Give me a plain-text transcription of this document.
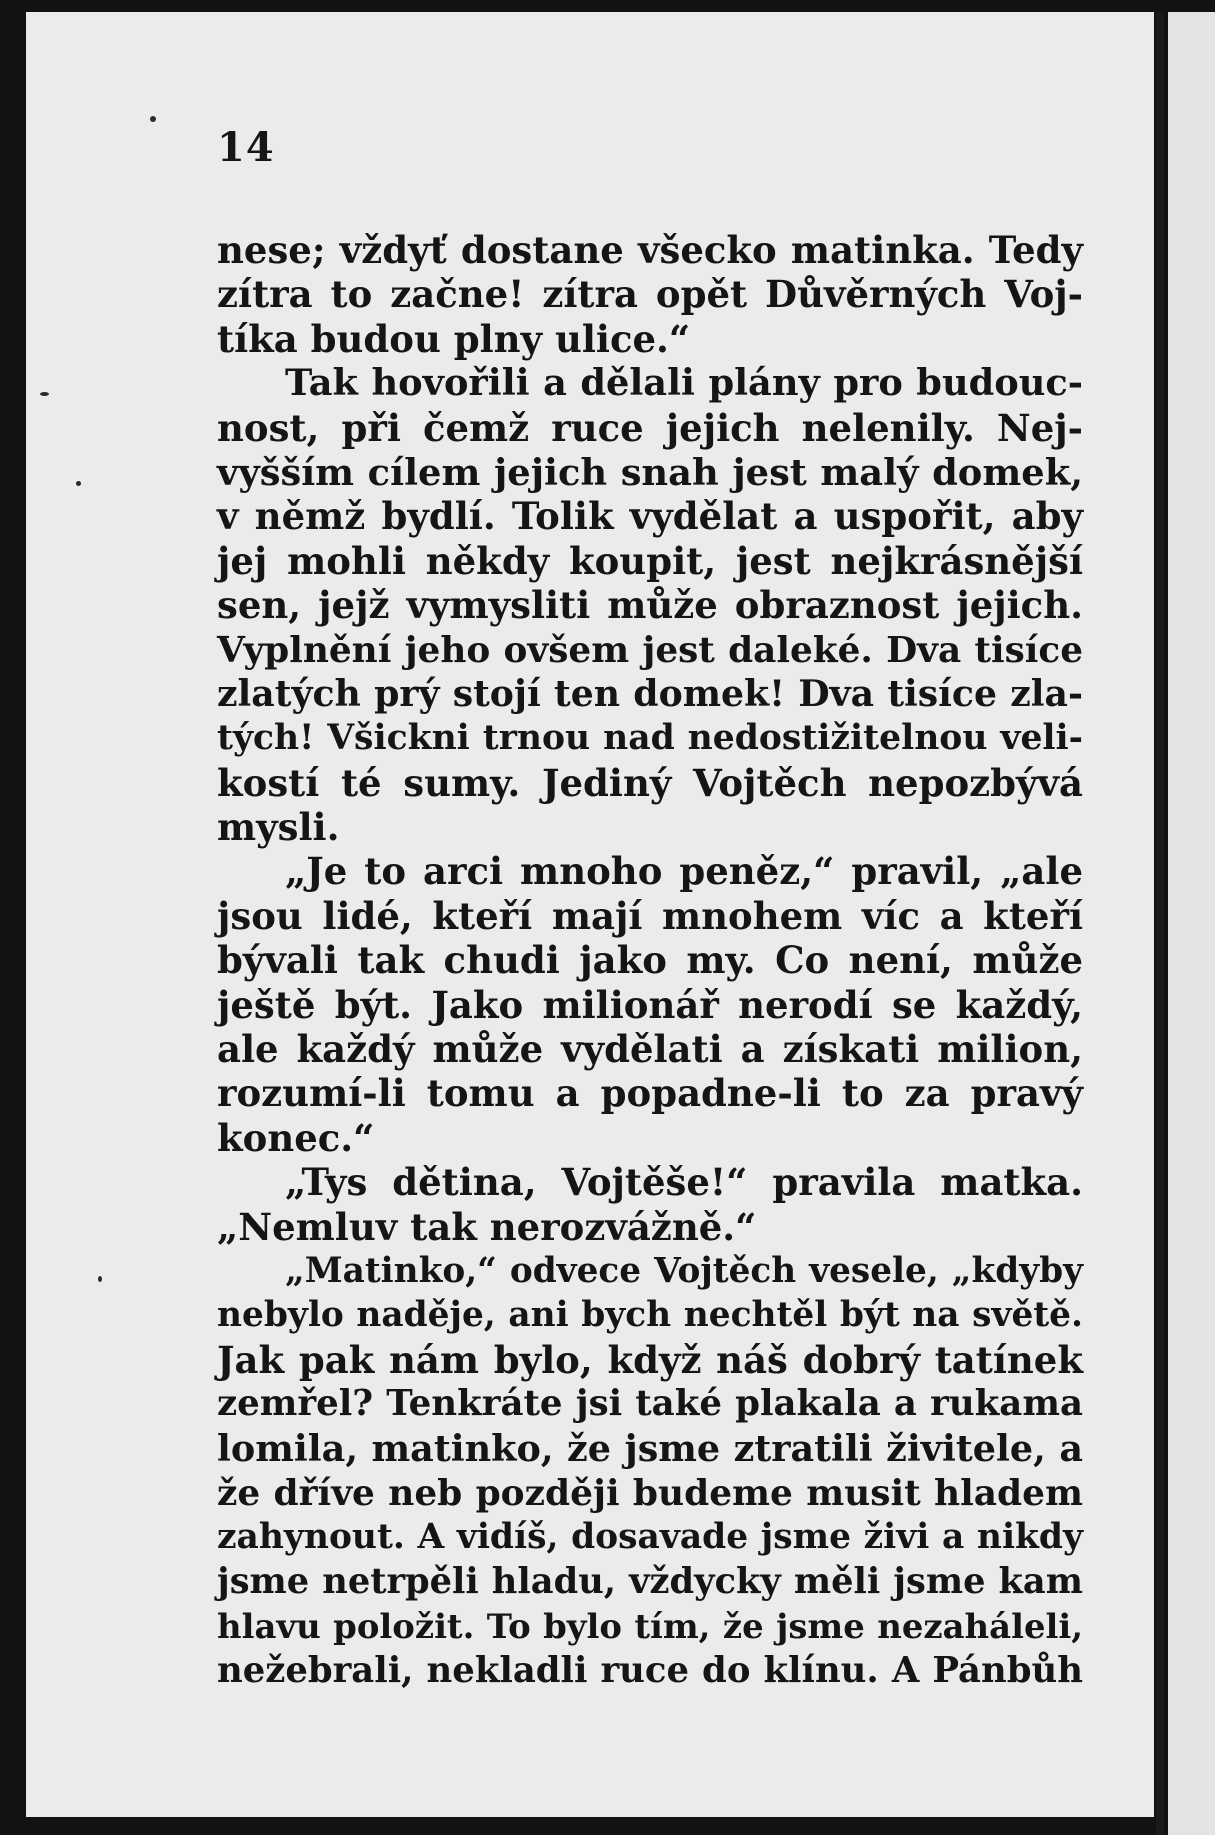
14
nese; vždyť dostane všecko matinka. Tedy
zítra to začne! zítra opět Důvěrných Voj-
tíka budou plny ulice.“
Tak hovořili a dělali plány pro budouc-
nost, při čemž ruce jejich nelenily. Nej-
vyšším cílem jejich snah jest malý domek,
v němž bydlí. Tolik vydělat a uspořit, aby
jej mohli někdy koupit, jest nejkrásnější
sen, jejž vymysliti může obraznost jejich.
Vyplnění jeho ovšem jest daleké. Dva tisíce
zlatých prý stojí ten domek! Dva tisíce zla-
tých! Všickni trnou nad nedostižitelnou veli-
kostí té sumy. Jediný Vojtěch nepozbývá
mysli.
„Je to arci mnoho peněz,“ pravil, „ale
jsou lidé, kteří mají mnohem víc a kteří
bývali tak chudi jako my. Co není, může
ještě být. Jako milionář nerodí se každý,
ale každý může vydělati a získati milion,
rozumí-li tomu a popadne-li to za pravý
konec.“
„Tys dětina, Vojtěše!“ pravila matka.
„Nemluv tak nerozvážně.“
„Matinko,“ odvece Vojtěch vesele, „kdyby
nebylo naděje, ani bych nechtěl být na světě.
Jak pak nám bylo, když náš dobrý tatínek
zemřel? Tenkráte jsi také plakala a rukama
lomila, matinko, že jsme ztratili živitele, a
že dříve neb později budeme musit hladem
zahynout. A vidíš, dosavade jsme živi a nikdy
jsme netrpěli hladu, vždycky měli jsme kam
hlavu položit. To bylo tím, že jsme nezaháleli,
nežebrali, nekladli ruce do klínu. A Pánbůh
